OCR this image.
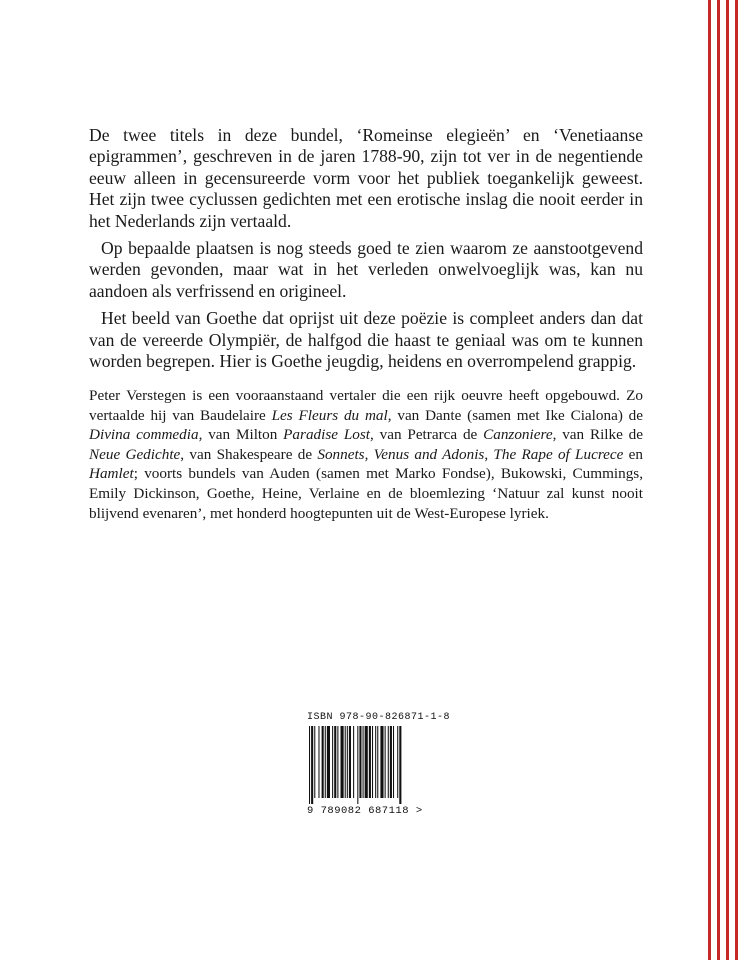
De twee titels in deze bundel, ‘Romeinse elegieën’ en ‘Venetiaanse epigrammen’, geschreven in de jaren 1788-90, zijn tot ver in de negentiende eeuw alleen in gecensureerde vorm voor het publiek toegankelijk geweest. Het zijn twee cyclussen gedichten met een erotische inslag die nooit eerder in het Nederlands zijn vertaald.

Op bepaalde plaatsen is nog steeds goed te zien waarom ze aanstootgevend werden gevonden, maar wat in het verleden onwelvoeglijk was, kan nu aandoen als verfrissend en origineel.

Het beeld van Goethe dat oprijst uit deze poëzie is compleet anders dan dat van de vereerde Olympiër, de halfgod die haast te geniaal was om te kunnen worden begrepen. Hier is Goethe jeugdig, heidens en overrompelend grappig.

Peter Verstegen is een vooraanstaand vertaler die een rijk oeuvre heeft opgebouwd. Zo vertaalde hij van Baudelaire Les Fleurs du mal, van Dante (samen met Ike Cialona) de Divina commedia, van Milton Paradise Lost, van Petrarca de Canzoniere, van Rilke de Neue Gedichte, van Shakespeare de Sonnets, Venus and Adonis, The Rape of Lucrece en Hamlet; voorts bundels van Auden (samen met Marko Fondse), Bukowski, Cummings, Emily Dickinson, Goethe, Heine, Verlaine en de bloemlezing ‘Natuur zal kunst nooit blijvend evenaren’, met honderd hoogtepunten uit de West-Europese lyriek.

ISBN 978-90-826871-1-8
9 789082 687118 >
